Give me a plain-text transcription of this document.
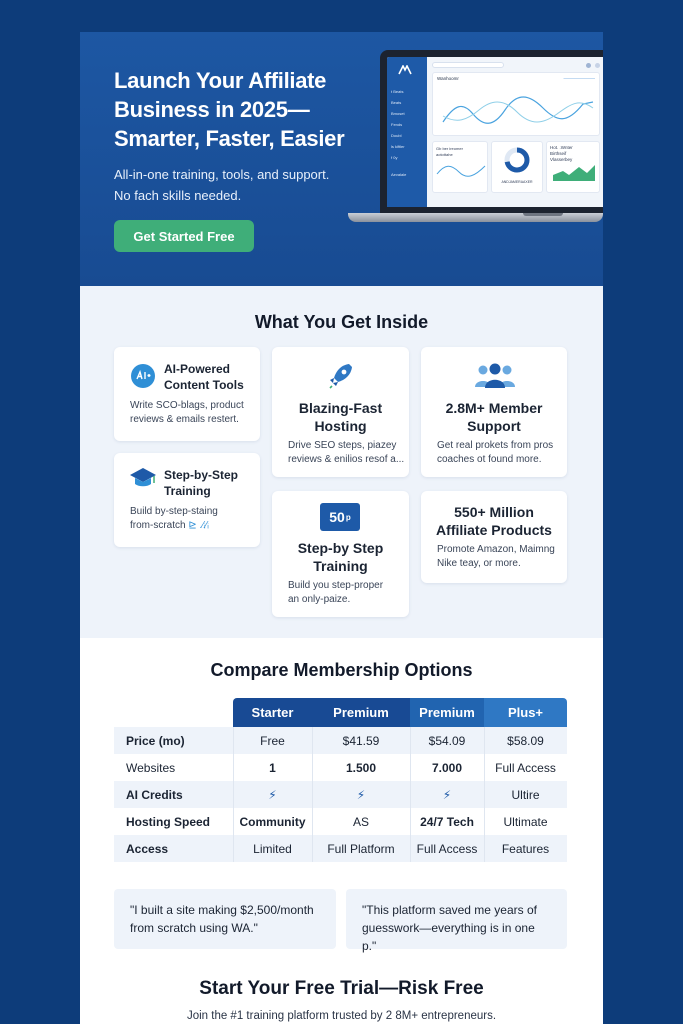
Launch Your Affiliate
Business in 2025—
Smarter, Faster, Easier

All-in-one training, tools, and support.
No fach skills needed.

Get Started Free
t Beats
Beats
Bmoset
Fends
Doubl
ls kiftler
f 0y
Aevalale
Wanhoomr	———————
Gb ber ireomer
aotottahe
ANDJAMERAAXER
Hot. .Wnter
Birthseif
Vlasserbey
What You Get Inside
AI-Powered
Content Tools
Write SCO-blags, product
reviews & emails restert.
Step-by-Step
Training
Build by-step-staing
from-scratch ⊵ .⁄ᵢ⁄ᵢ
Blazing-Fast
Hosting
Drive SEO steps, piazey
reviews & enilios resof a...
2.8M+ Member
Support
Get real prokets from pros
coaches ot found more.
50 p
Step-by Step
Training
Build you step-proper
an only-paize.
550+ Million
Affiliate Products
Promote Amazon, Maimng
Nike teay, or more.
Compare Membership Options
Starter	Premium	Premium	Plus+
Price (mo)	Free	$41.59	$54.09	$58.09
Websites	1	1.500	7.000	Full Access
AI Credits	⚡	⚡	⚡	Ultire
Hosting Speed	Community	AS	24/7 Tech	Ultimate
Access	Limited	Full Platform	Full Access	Features
"I built a site making $2,500/month
from scratch using WA."
"This platform saved me years of
guesswork—everything is in one p."
Start Your Free Trial—Risk Free

Join the #1 training platform trusted by 2 8M+ entrepreneurs.
